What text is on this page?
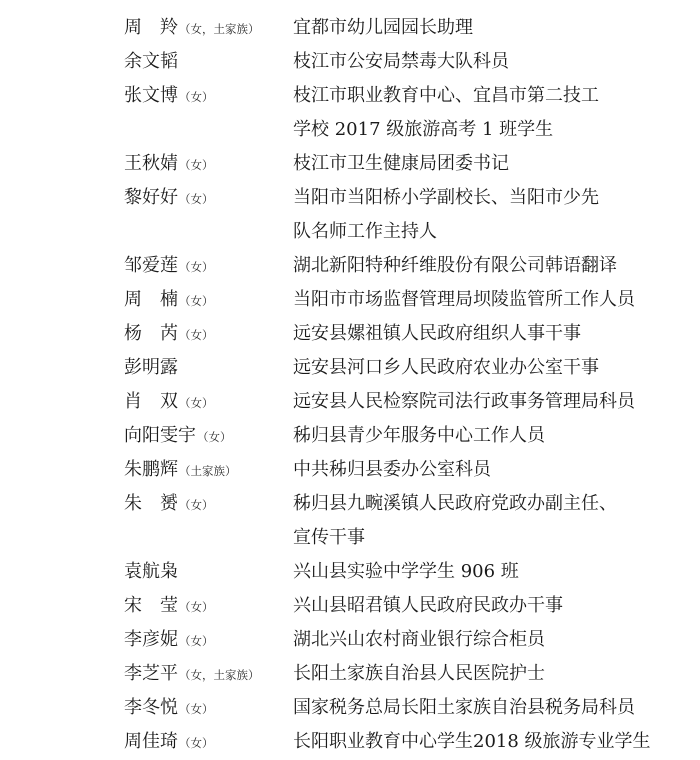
周　羚（女，土家族） 宜都市幼儿园园长助理
余文韬	枝江市公安局禁毒大队科员
张文博（女）	枝江市职业教育中心、宜昌市第二技工
学校 2017 级旅游高考 1 班学生
王秋婧（女）	枝江市卫生健康局团委书记
黎好好（女）	当阳市当阳桥小学副校长、当阳市少先
队名师工作主持人
邹爱莲（女）	湖北新阳特种纤维股份有限公司韩语翻译
周　楠（女）	当阳市市场监督管理局坝陵监管所工作人员
杨　芮（女）	远安县嫘祖镇人民政府组织人事干事
彭明露	远安县河口乡人民政府农业办公室干事
肖　双（女）	远安县人民检察院司法行政事务管理局科员
向阳雯宇（女）	秭归县青少年服务中心工作人员
朱鹏辉（土家族）	中共秭归县委办公室科员
朱　赟（女）	秭归县九畹溪镇人民政府党政办副主任、
宣传干事
袁航枭	兴山县实验中学学生 906 班
宋　莹（女）	兴山县昭君镇人民政府民政办干事
李彦妮（女）	湖北兴山农村商业银行综合柜员
李芝平（女，土家族） 长阳土家族自治县人民医院护士
李冬悦（女）	国家税务总局长阳土家族自治县税务局科员
周佳琦（女）	长阳职业教育中心学生2018 级旅游专业学生
